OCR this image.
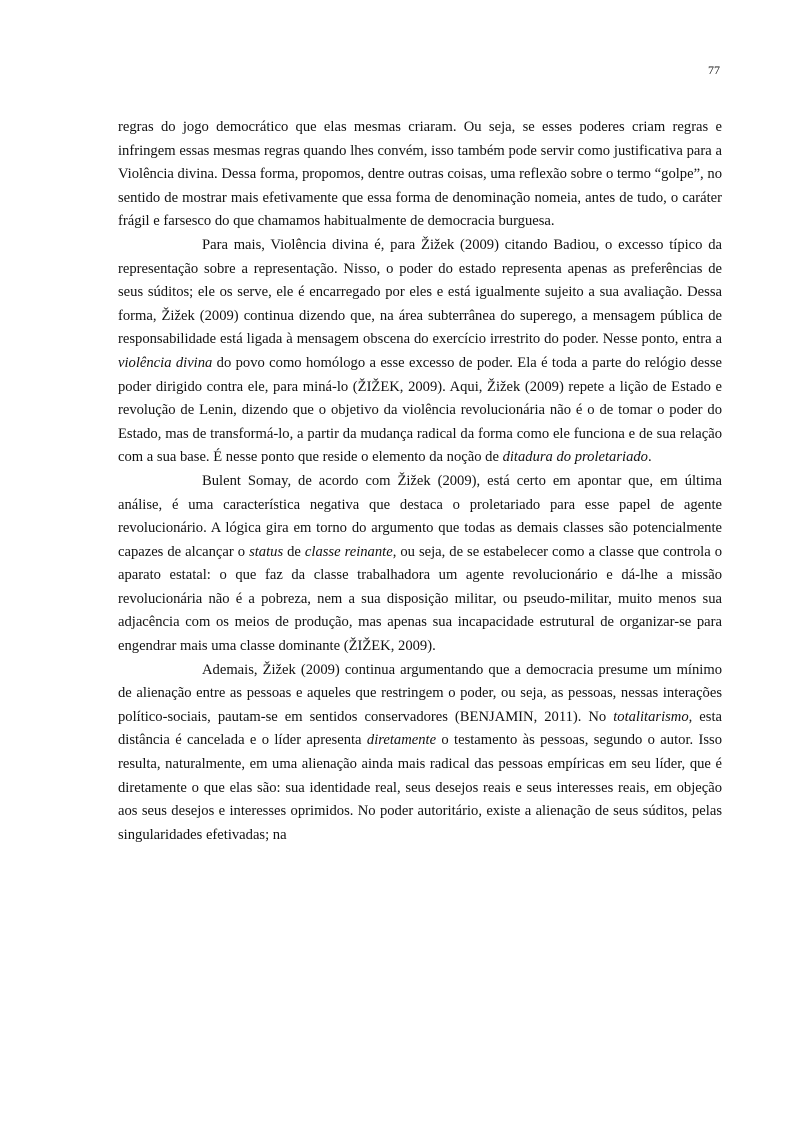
77

regras do jogo democrático que elas mesmas criaram. Ou seja, se esses poderes criam regras e infringem essas mesmas regras quando lhes convém, isso também pode servir como justificativa para a Violência divina. Dessa forma, propomos, dentre outras coisas, uma reflexão sobre o termo “golpe”, no sentido de mostrar mais efetivamente que essa forma de denominação nomeia, antes de tudo, o caráter frágil e farsesco do que chamamos habitualmente de democracia burguesa.

Para mais, Violência divina é, para Žižek (2009) citando Badiou, o excesso típico da representação sobre a representação. Nisso, o poder do estado representa apenas as preferências de seus súditos; ele os serve, ele é encarregado por eles e está igualmente sujeito a sua avaliação. Dessa forma, Žižek (2009) continua dizendo que, na área subterrânea do superego, a mensagem pública de responsabilidade está ligada à mensagem obscena do exercício irrestrito do poder. Nesse ponto, entra a violência divina do povo como homólogo a esse excesso de poder. Ela é toda a parte do relógio desse poder dirigido contra ele, para miná-lo (ŽIŽEK, 2009). Aqui, Žižek (2009) repete a lição de Estado e revolução de Lenin, dizendo que o objetivo da violência revolucionária não é o de tomar o poder do Estado, mas de transformá-lo, a partir da mudança radical da forma como ele funciona e de sua relação com a sua base. É nesse ponto que reside o elemento da noção de ditadura do proletariado.

Bulent Somay, de acordo com Žižek (2009), está certo em apontar que, em última análise, é uma característica negativa que destaca o proletariado para esse papel de agente revolucionário. A lógica gira em torno do argumento que todas as demais classes são potencialmente capazes de alcançar o status de classe reinante, ou seja, de se estabelecer como a classe que controla o aparato estatal: o que faz da classe trabalhadora um agente revolucionário e dá-lhe a missão revolucionária não é a pobreza, nem a sua disposição militar, ou pseudo-militar, muito menos sua adjacência com os meios de produção, mas apenas sua incapacidade estrutural de organizar-se para engendrar mais uma classe dominante (ŽIŽEK, 2009).

Ademais, Žižek (2009) continua argumentando que a democracia presume um mínimo de alienação entre as pessoas e aqueles que restringem o poder, ou seja, as pessoas, nessas interações político-sociais, pautam-se em sentidos conservadores (BENJAMIN, 2011). No totalitarismo, esta distância é cancelada e o líder apresenta diretamente o testamento às pessoas, segundo o autor. Isso resulta, naturalmente, em uma alienação ainda mais radical das pessoas empíricas em seu líder, que é diretamente o que elas são: sua identidade real, seus desejos reais e seus interesses reais, em objeção aos seus desejos e interesses oprimidos. No poder autoritário, existe a alienação de seus súditos, pelas singularidades efetivadas; na
